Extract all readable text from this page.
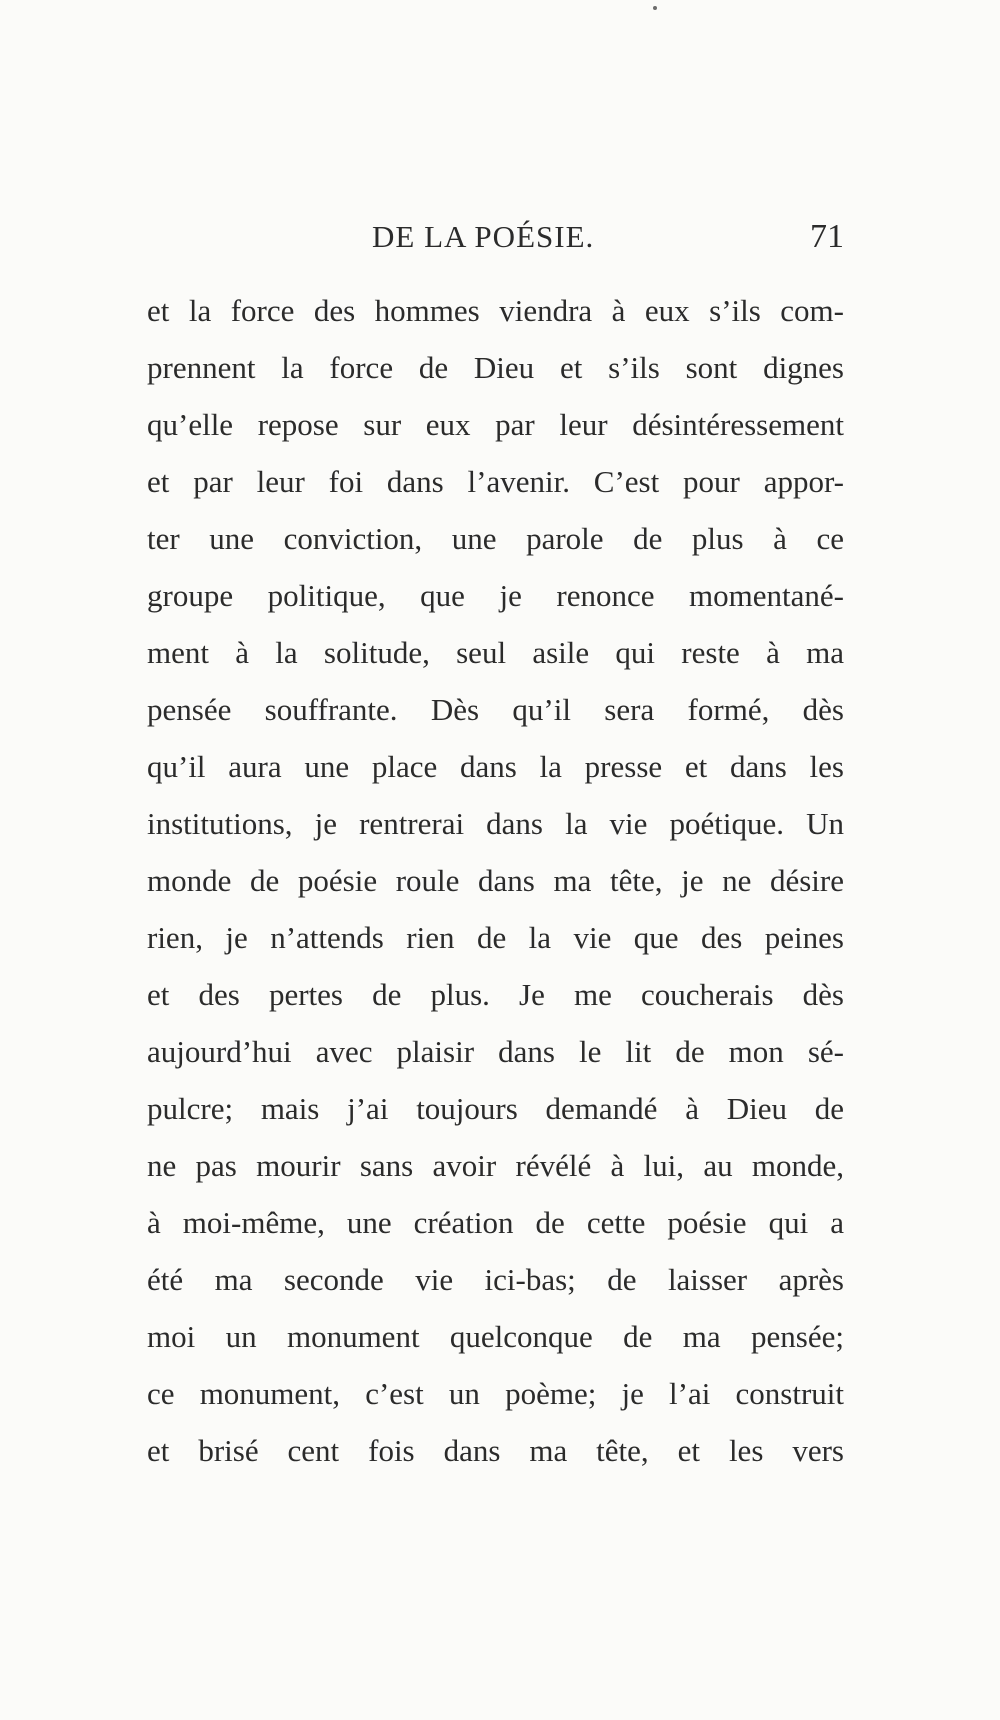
DE LA POÉSIE.	71
et la force des hommes viendra à eux s’ils com-
prennent la force de Dieu et s’ils sont dignes
qu’elle repose sur eux par leur désintéressement
et par leur foi dans l’avenir. C’est pour appor-
ter une conviction, une parole de plus à ce
groupe politique, que je renonce momentané-
ment à la solitude, seul asile qui reste à ma
pensée souffrante. Dès qu’il sera formé, dès
qu’il aura une place dans la presse et dans les
institutions, je rentrerai dans la vie poétique. Un
monde de poésie roule dans ma tête, je ne désire
rien, je n’attends rien de la vie que des peines
et des pertes de plus. Je me coucherais dès
aujourd’hui avec plaisir dans le lit de mon sé-
pulcre; mais j’ai toujours demandé à Dieu de
ne pas mourir sans avoir révélé à lui, au monde,
à moi-même, une création de cette poésie qui a
été ma seconde vie ici-bas; de laisser après
moi un monument quelconque de ma pensée;
ce monument, c’est un poème; je l’ai construit
et brisé cent fois dans ma tête, et les vers
